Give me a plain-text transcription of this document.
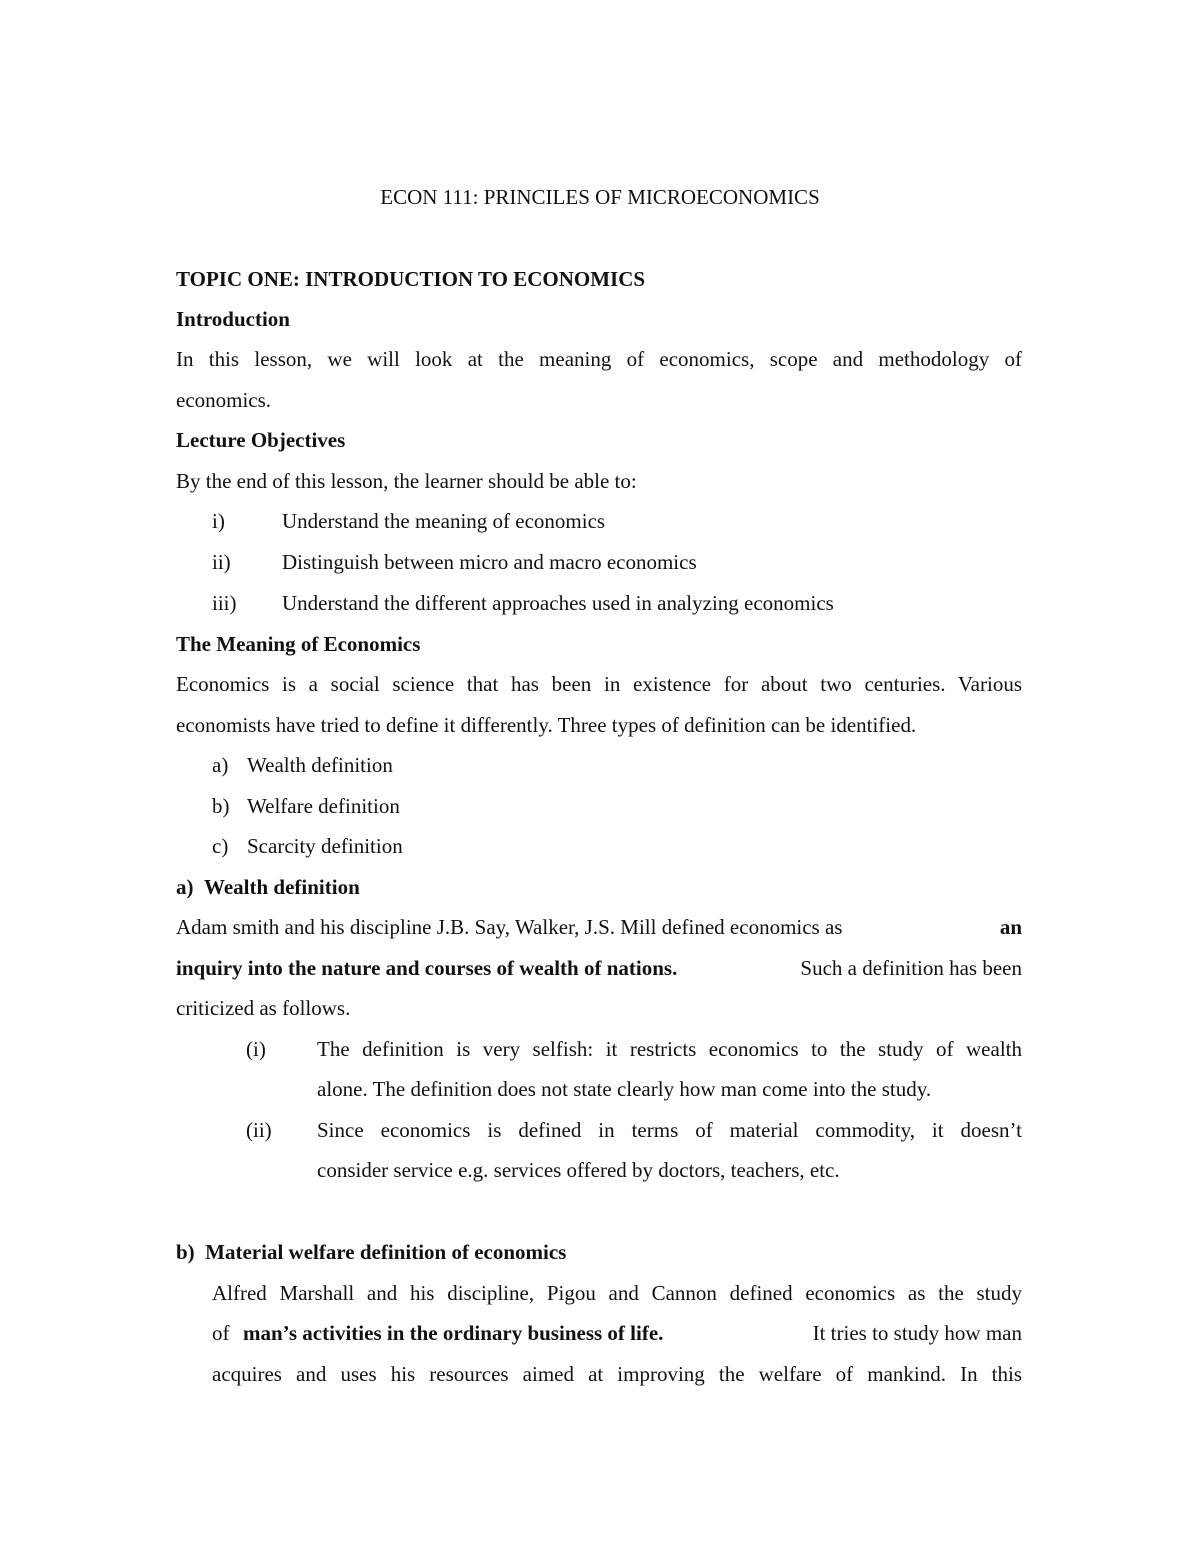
ECON 111: PRINCILES OF MICROECONOMICS
TOPIC ONE: INTRODUCTION TO ECONOMICS
Introduction
In this lesson, we will look at the meaning of economics, scope and methodology of
economics.
Lecture Objectives
By the end of this lesson, the learner should be able to:
i)	Understand the meaning of economics
ii) Distinguish between micro and macro economics
iii) Understand the different approaches used in analyzing economics
The Meaning of Economics
Economics is a social science that has been in existence for about two centuries. Various
economists have tried to define it differently. Three types of definition can be identified.
a) Wealth definition
b) Welfare definition
c) Scarcity definition
a)  Wealth definition
Adam smith and his discipline J.B. Say, Walker, J.S. Mill defined economics as	an
inquiry into the nature and courses of wealth of nations.	Such a definition has been
criticized as follows.
(i) The definition is very selfish: it restricts economics to the study of wealth
alone. The definition does not state clearly how man come into the study.
(ii) Since economics is defined in terms of material commodity, it doesn’t
consider service e.g. services offered by doctors, teachers, etc.
b)  Material welfare definition of economics
Alfred Marshall and his discipline, Pigou and Cannon defined economics as the study
of man’s activities in the ordinary business of life.	It tries to study how man
acquires and uses his resources aimed at improving the welfare of mankind. In this
